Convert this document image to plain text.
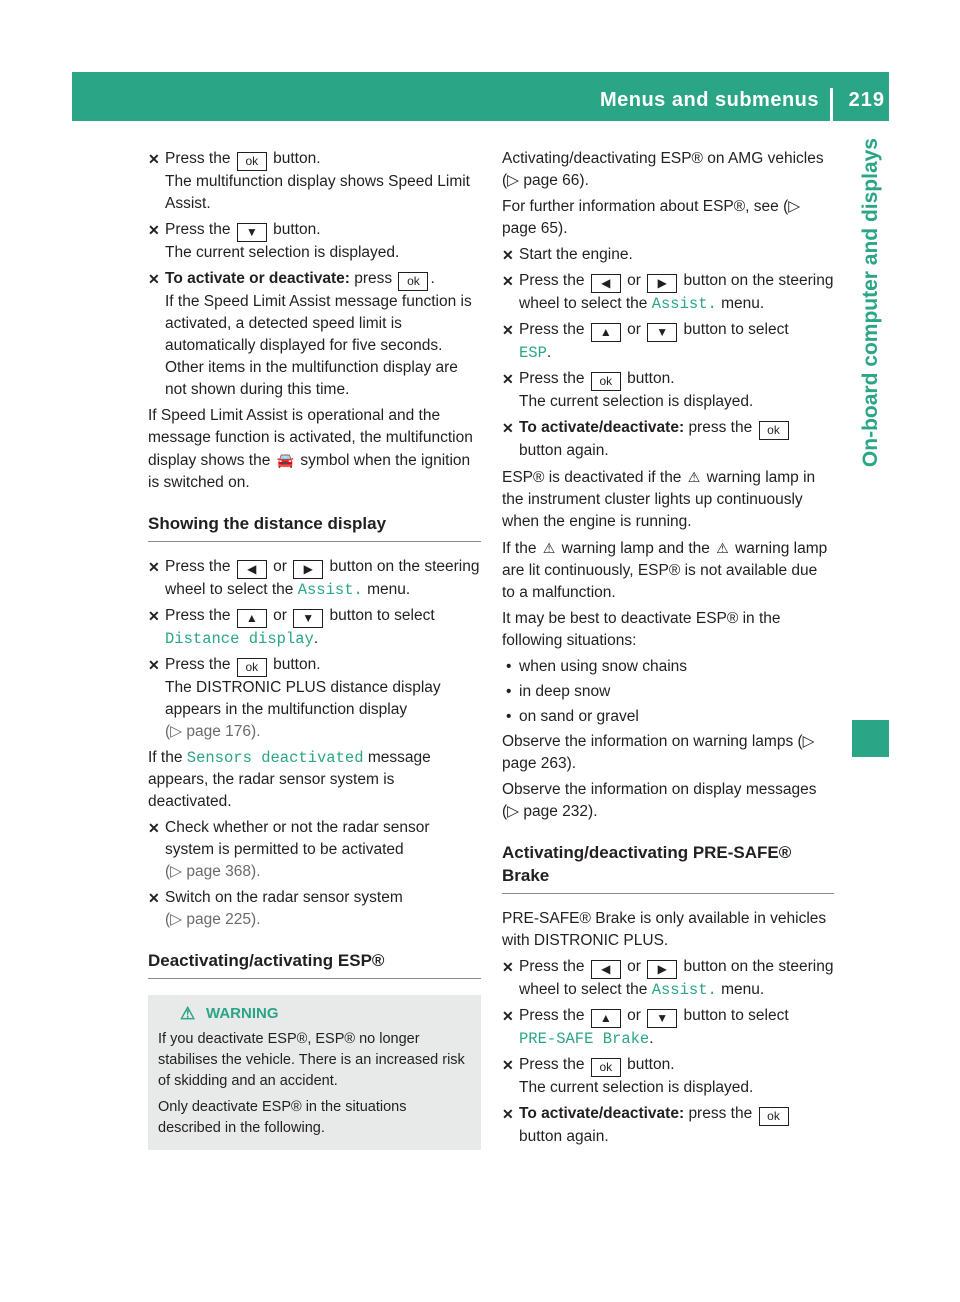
Menus and submenus 219
On-board computer and displays
✕ Press the ok button.
The multifunction display shows Speed Limit Assist.
✕ Press the ▼ button.
The current selection is displayed.
✕ To activate or deactivate: press ok .
If the Speed Limit Assist message function is activated, a detected speed limit is automatically displayed for five seconds. Other items in the multifunction display are not shown during this time.

If Speed Limit Assist is operational and the message function is activated, the multifunction display shows the 🚘 symbol when the ignition is switched on.

Showing the distance display
✕ Press the ◀ or ▶ button on the steering wheel to select the Assist. menu.
✕ Press the ▲ or ▼ button to select
Distance display.
✕ Press the ok button.
The DISTRONIC PLUS distance display appears in the multifunction display
(▷ page 176).

If the Sensors deactivated message appears, the radar sensor system is deactivated.

✕ Check whether or not the radar sensor system is permitted to be activated
(▷ page 368).
✕ Switch on the radar sensor system
(▷ page 225).
Deactivating/activating ESP®
⚠ WARNING

If you deactivate ESP®, ESP® no longer stabilises the vehicle. There is an increased risk of skidding and an accident.

Only deactivate ESP® in the situations described in the following.

Activating/deactivating ESP® on AMG vehicles (▷ page 66).

For further information about ESP®, see (▷ page 65).

✕ Start the engine.
✕ Press the ◀ or ▶ button on the steering wheel to select the Assist. menu.
✕ Press the ▲ or ▼ button to select
ESP.
✕ Press the ok button.
The current selection is displayed.
✕ To activate/deactivate: press the ok
button again.

ESP® is deactivated if the ⚠ warning lamp in the instrument cluster lights up continuously when the engine is running.

If the ⚠ warning lamp and the ⚠ warning lamp are lit continuously, ESP® is not available due to a malfunction.

It may be best to deactivate ESP® in the following situations:

• when using snow chains
• in deep snow
• on sand or gravel

Observe the information on warning lamps (▷ page 263).

Observe the information on display messages (▷ page 232).

Activating/deactivating PRE-SAFE® Brake

PRE-SAFE® Brake is only available in vehicles with DISTRONIC PLUS.

✕ Press the ◀ or ▶ button on the steering wheel to select the Assist. menu.
✕ Press the ▲ or ▼ button to select
PRE-SAFE Brake.
✕ Press the ok button.
The current selection is displayed.
✕ To activate/deactivate: press the ok
button again.
